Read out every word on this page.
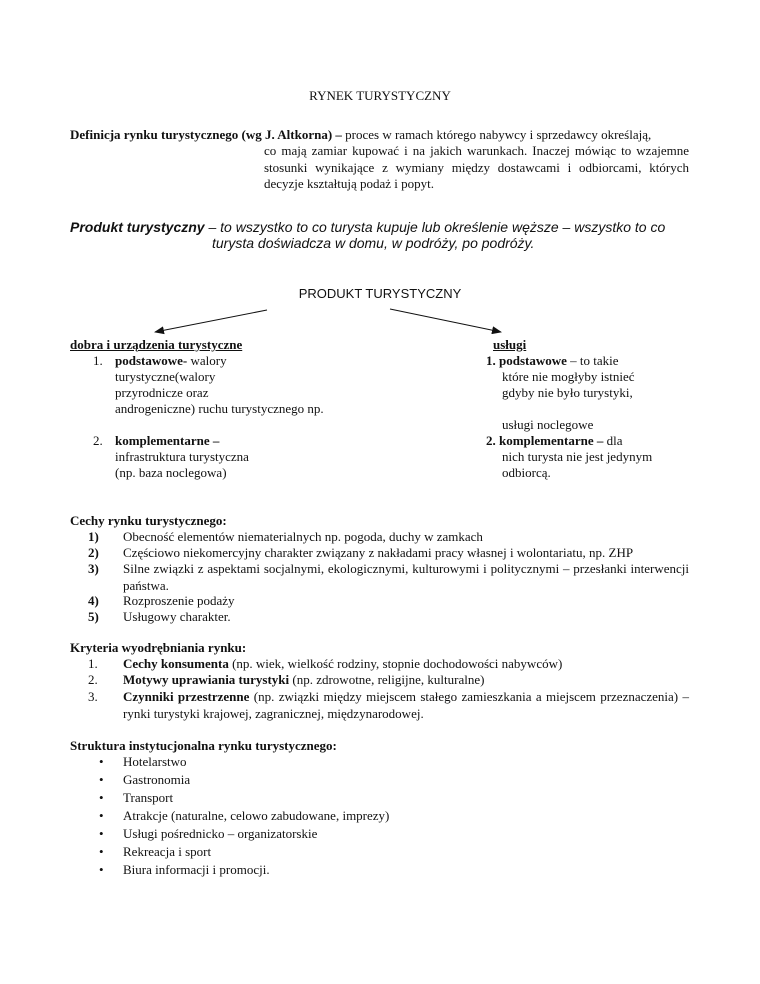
RYNEK TURYSTYCZNY
Definicja rynku turystycznego (wg J. Altkorna) – proces w ramach którego nabywcy i sprzedawcy określają,
co mają zamiar kupować i na jakich warunkach. Inaczej mówiąc to wzajemne stosunki wynikające z wymiany między dostawcami i odbiorcami, których decyzje kształtują podaż i popyt.
Produkt turystyczny – to wszystko to co turysta kupuje lub określenie węższe – wszystko to co
turysta doświadcza w domu, w podróży, po podróży.
PRODUKT TURYSTYCZNY
dobra i urządzenia turystyczne
1. podstawowe- walory
turystyczne(walory
przyrodnicze oraz
androgeniczne) ruchu turystycznego np.
2. komplementarne –
infrastruktura turystyczna
(np. baza noclegowa)
usługi
1. podstawowe – to takie
które nie mogłyby istnieć
gdyby nie było turystyki,
usługi noclegowe
2. komplementarne – dla
nich turysta nie jest jedynym
odbiorcą.
Cechy rynku turystycznego:
1) Obecność elementów niematerialnych np. pogoda, duchy w zamkach
2) Częściowo niekomercyjny charakter związany z nakładami pracy własnej i wolontariatu, np. ZHP
3) Silne związki z aspektami socjalnymi, ekologicznymi, kulturowymi i politycznymi – przesłanki interwencji państwa.
4) Rozproszenie podaży
5) Usługowy charakter.
Kryteria wyodrębniania rynku:
1. Cechy konsumenta (np. wiek, wielkość rodziny, stopnie dochodowości nabywców)
2. Motywy uprawiania turystyki (np. zdrowotne, religijne, kulturalne)
3. Czynniki przestrzenne (np. związki między miejscem stałego zamieszkania a miejscem przeznaczenia) – rynki turystyki krajowej, zagranicznej, międzynarodowej.
Struktura instytucjonalna rynku turystycznego:
• Hotelarstwo
• Gastronomia
• Transport
• Atrakcje (naturalne, celowo zabudowane, imprezy)
• Usługi pośrednicko – organizatorskie
• Rekreacja i sport
• Biura informacji i promocji.
